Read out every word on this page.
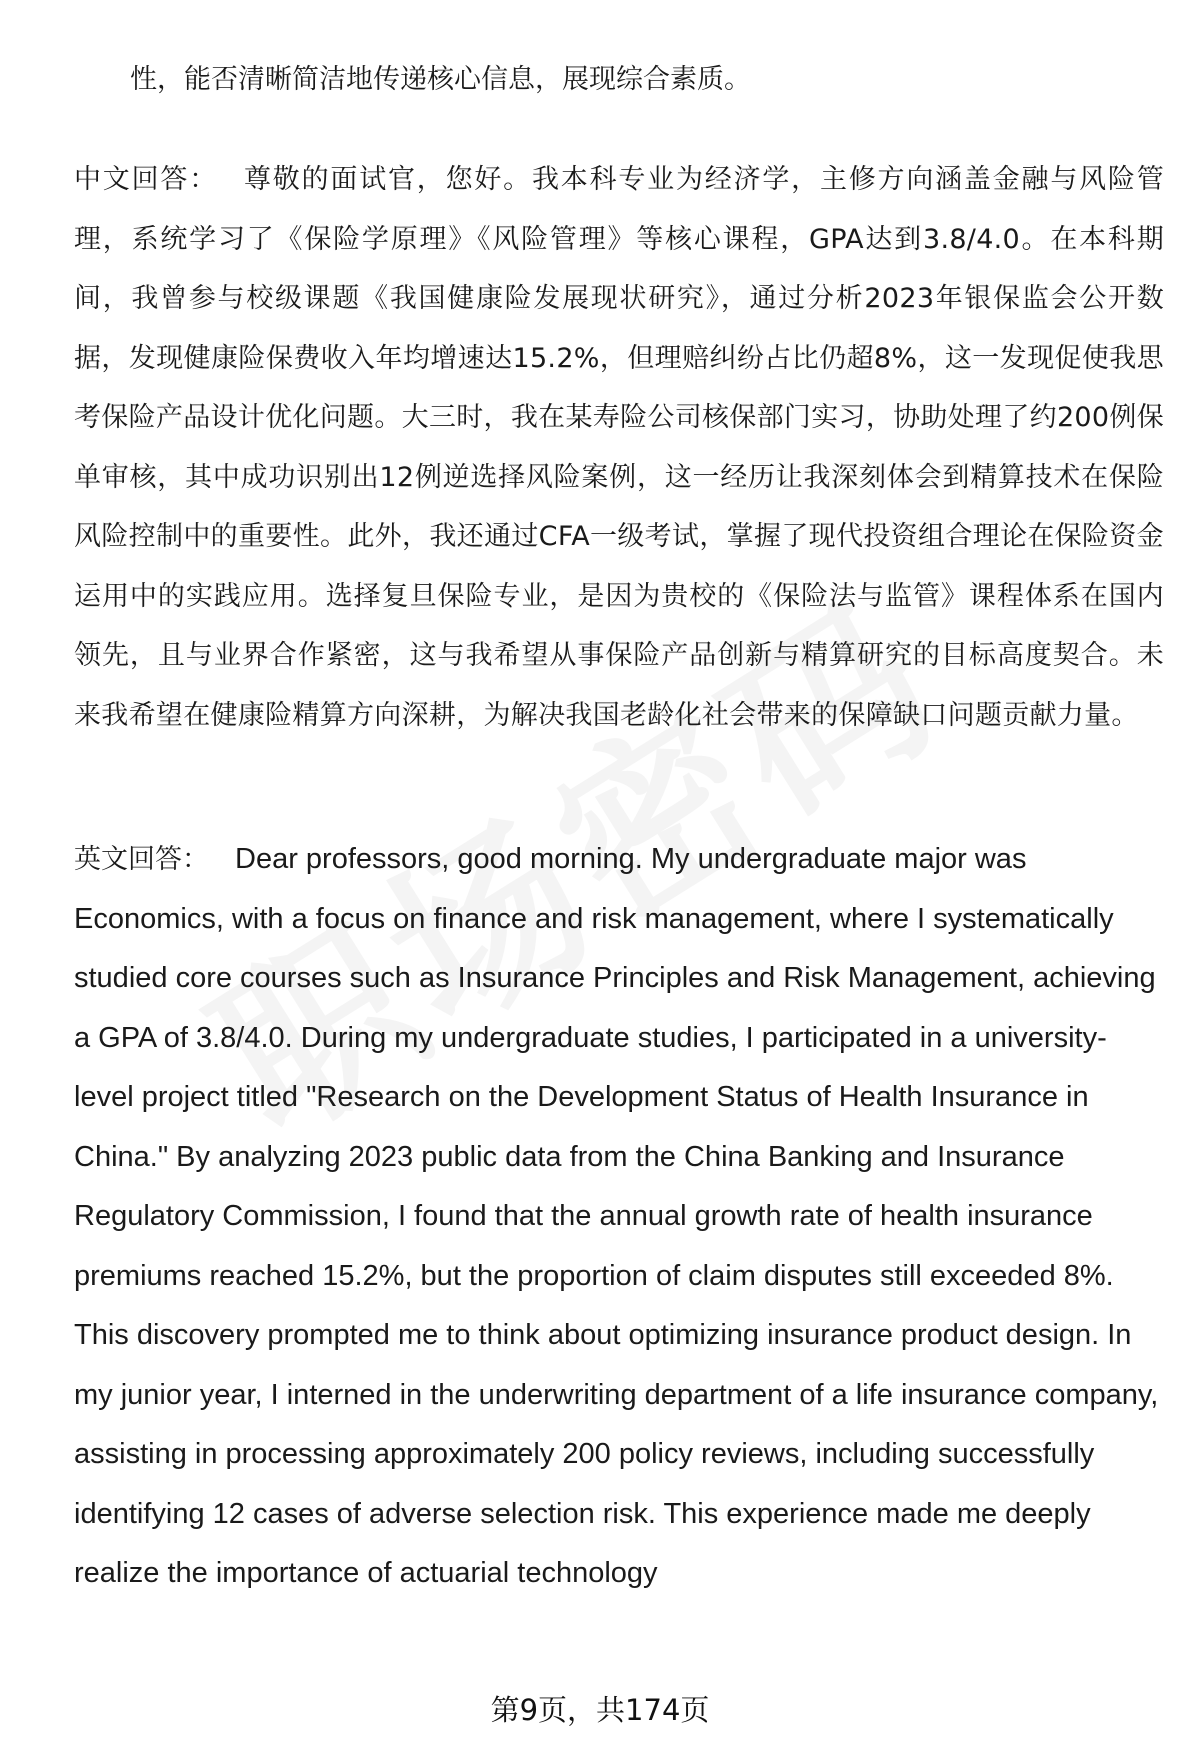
性，能否清晰简洁地传递核心信息，展现综合素质。
中文回答： 尊敬的面试官，您好。我本科专业为经济学，主修方向涵盖金融与风险管理，系统学习了《保险学原理》《风险管理》等核心课程，GPA达到3.8/4.0。在本科期间，我曾参与校级课题《我国健康险发展现状研究》，通过分析2023年银保监会公开数据，发现健康险保费收入年均增速达15.2%，但理赔纠纷占比仍超8%，这一发现促使我思考保险产品设计优化问题。大三时，我在某寿险公司核保部门实习，协助处理了约200例保单审核，其中成功识别出12例逆选择风险案例，这一经历让我深刻体会到精算技术在保险风险控制中的重要性。此外，我还通过CFA一级考试，掌握了现代投资组合理论在保险资金运用中的实践应用。选择复旦保险专业，是因为贵校的《保险法与监管》课程体系在国内领先，且与业界合作紧密，这与我希望从事保险产品创新与精算研究的目标高度契合。未来我希望在健康险精算方向深耕，为解决我国老龄化社会带来的保障缺口问题贡献力量。
英文回答： Dear professors, good morning. My undergraduate major was Economics, with a focus on finance and risk management, where I systematically studied core courses such as Insurance Principles and Risk Management, achieving a GPA of 3.8/4.0. During my undergraduate studies, I participated in a university-level project titled "Research on the Development Status of Health Insurance in China." By analyzing 2023 public data from the China Banking and Insurance Regulatory Commission, I found that the annual growth rate of health insurance premiums reached 15.2%, but the proportion of claim disputes still exceeded 8%. This discovery prompted me to think about optimizing insurance product design. In my junior year, I interned in the underwriting department of a life insurance company, assisting in processing approximately 200 policy reviews, including successfully identifying 12 cases of adverse selection risk. This experience made me deeply realize the importance of actuarial technology
第9页，共174页
